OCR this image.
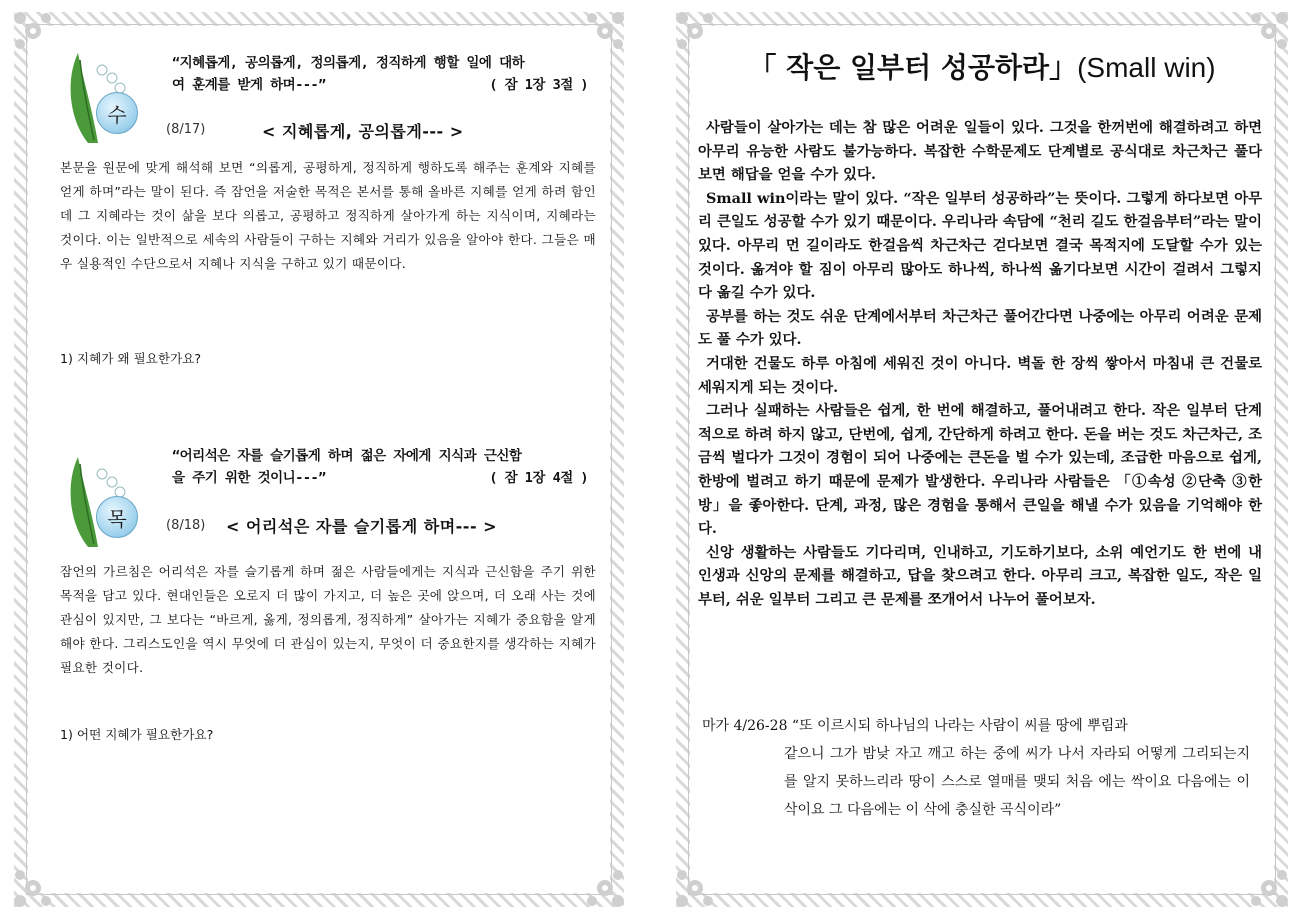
수
“지혜롭게, 공의롭게, 정의롭게, 정직하게 행할 일에 대하
여 훈계를 받게 하며---”	( 잠 1장 3절 )
(8/17)	< 지혜롭게, 공의롭게--- >
본문을 원문에 맞게 해석해 보면 “의롭게, 공평하게, 정직하게 행하도록 해주는 훈계와 지혜를 얻게 하며”라는 말이 된다. 즉 잠언을 저술한 목적은 본서를 통해 올바른 지혜를 얻게 하려 함인데 그 지혜라는 것이 삶을 보다 의롭고, 공평하고 정직하게 살아가게 하는 지식이며, 지혜라는 것이다. 이는 일반적으로 세속의 사람들이 구하는 지혜와 거리가 있음을 알아야 한다. 그들은 매우 실용적인 수단으로서 지혜나 지식을 구하고 있기 때문이다.
1) 지혜가 왜 필요한가요?
목
“어리석은 자를 슬기롭게 하며 젊은 자에게 지식과 근신함
을 주기 위한 것이니---”	( 잠 1장 4절 )
(8/18) < 어리석은 자를 슬기롭게 하며--- >
잠언의 가르침은 어리석은 자를 슬기롭게 하며 젊은 사람들에게는 지식과 근신함을 주기 위한 목적을 담고 있다. 현대인들은 오로지 더 많이 가지고, 더 높은 곳에 앉으며, 더 오래 사는 것에 관심이 있지만, 그 보다는 “바르게, 옳게, 정의롭게, 정직하게” 살아가는 지혜가 중요함을 알게 해야 한다. 그리스도인을 역시 무엇에 더 관심이 있는지, 무엇이 더 중요한지를 생각하는 지혜가 필요한 것이다.
1) 어떤 지혜가 필요한가요?
「 작은 일부터 성공하라」(Small win)

사람들이 살아가는 데는 참 많은 어려운 일들이 있다. 그것을 한꺼번에 해결하려고 하면 아무리 유능한 사람도 불가능하다. 복잡한 수학문제도 단계별로 공식대로 차근차근 풀다보면 해답을 얻을 수가 있다.

Small win이라는 말이 있다. “작은 일부터 성공하라”는 뜻이다. 그렇게 하다보면 아무리 큰일도 성공할 수가 있기 때문이다. 우리나라 속담에 “천리 길도 한걸음부터”라는 말이 있다. 아무리 먼 길이라도 한걸음씩 차근차근 걷다보면 결국 목적지에 도달할 수가 있는 것이다. 옮겨야 할 짐이 아무리 많아도 하나씩, 하나씩 옮기다보면 시간이 걸려서 그렇지 다 옮길 수가 있다.

공부를 하는 것도 쉬운 단계에서부터 차근차근 풀어간다면 나중에는 아무리 어려운 문제도 풀 수가 있다.

거대한 건물도 하루 아침에 세워진 것이 아니다. 벽돌 한 장씩 쌓아서 마침내 큰 건물로 세워지게 되는 것이다.

그러나 실패하는 사람들은 쉽게, 한 번에 해결하고, 풀어내려고 한다. 작은 일부터 단계적으로 하려 하지 않고, 단번에, 쉽게, 간단하게 하려고 한다. 돈을 버는 것도 차근차근, 조금씩 벌다가 그것이 경험이 되어 나중에는 큰돈을 벌 수가 있는데, 조급한 마음으로 쉽게, 한방에 벌려고 하기 때문에 문제가 발생한다. 우리나라 사람들은 「①속성 ②단축 ③한방」을 좋아한다. 단계, 과정, 많은 경험을 통해서 큰일을 해낼 수가 있음을 기억해야 한다.

신앙 생활하는 사람들도 기다리며, 인내하고, 기도하기보다, 소위 예언기도 한 번에 내 인생과 신앙의 문제를 해결하고, 답을 찾으려고 한다. 아무리 크고, 복잡한 일도, 작은 일부터, 쉬운 일부터 그리고 큰 문제를 쪼개어서 나누어 풀어보자.

마가 4/26-28 “또 이르시되 하나님의 나라는 사람이 씨를 땅에 뿌림과
같으니 그가 밤낮 자고 깨고 하는 중에 씨가 나서 자라되 어떻게 그리되는지를 알지 못하느리라 땅이 스스로 열매를 맺되 처음 에는 싹이요 다음에는 이삭이요 그 다음에는 이 삭에 충실한 곡식이라”
